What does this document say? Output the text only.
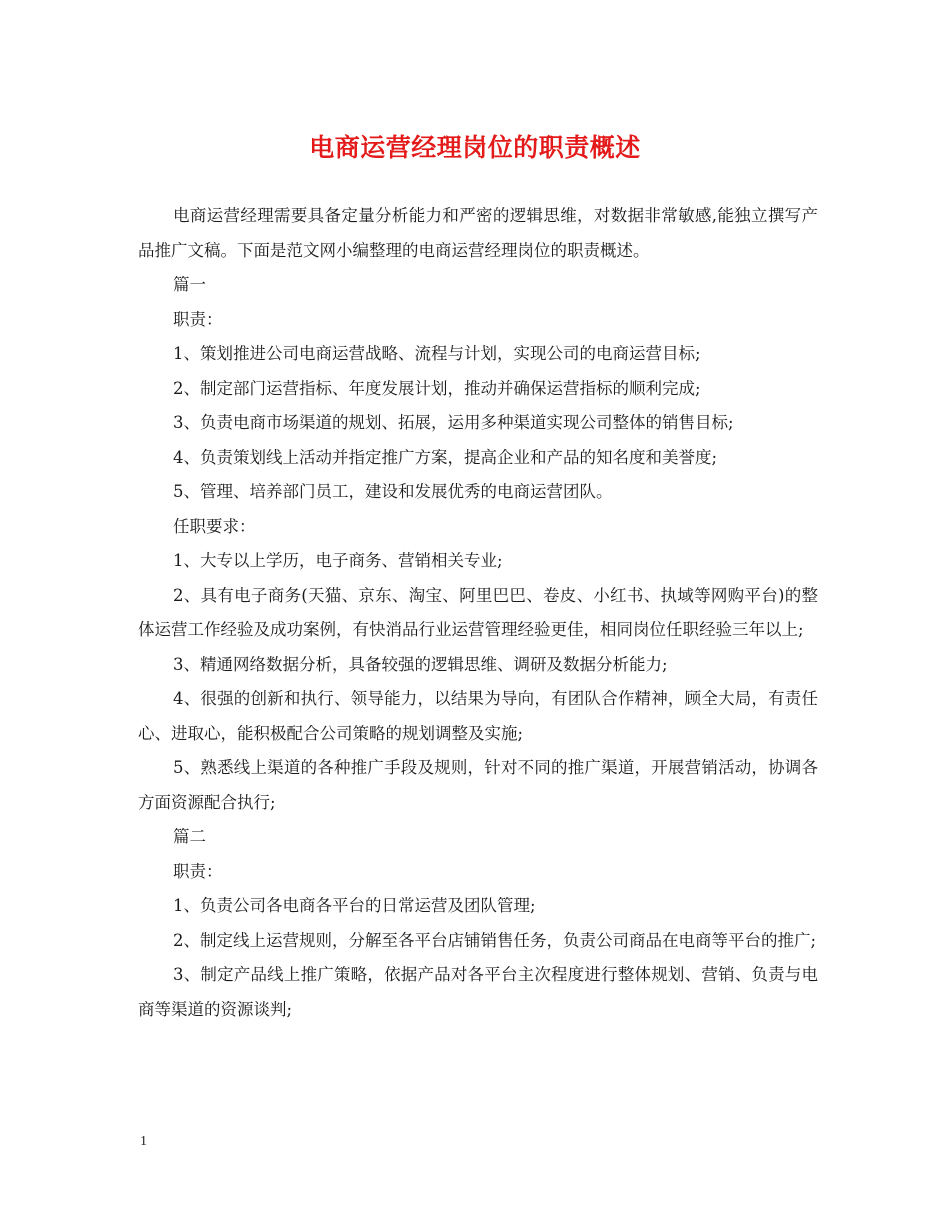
电商运营经理岗位的职责概述

电商运营经理需要具备定量分析能力和严密的逻辑思维，对数据非常敏感,能独立撰写产品推广文稿。下面是范文网小编整理的电商运营经理岗位的职责概述。

篇一

职责：

1、策划推进公司电商运营战略、流程与计划，实现公司的电商运营目标;

2、制定部门运营指标、年度发展计划，推动并确保运营指标的顺利完成;

3、负责电商市场渠道的规划、拓展，运用多种渠道实现公司整体的销售目标;

4、负责策划线上活动并指定推广方案，提高企业和产品的知名度和美誉度;

5、管理、培养部门员工，建设和发展优秀的电商运营团队。

任职要求：

1、大专以上学历，电子商务、营销相关专业;

2、具有电子商务(天猫、京东、淘宝、阿里巴巴、卷皮、小红书、执域等网购平台)的整体运营工作经验及成功案例，有快消品行业运营管理经验更佳，相同岗位任职经验三年以上;

3、精通网络数据分析，具备较强的逻辑思维、调研及数据分析能力;

4、很强的创新和执行、领导能力，以结果为导向，有团队合作精神，顾全大局，有责任心、进取心，能积极配合公司策略的规划调整及实施;

5、熟悉线上渠道的各种推广手段及规则，针对不同的推广渠道，开展营销活动，协调各方面资源配合执行;

篇二

职责：

1、负责公司各电商各平台的日常运营及团队管理;

2、制定线上运营规则，分解至各平台店铺销售任务，负责公司商品在电商等平台的推广;

3、制定产品线上推广策略，依据产品对各平台主次程度进行整体规划、营销、负责与电商等渠道的资源谈判;

1
